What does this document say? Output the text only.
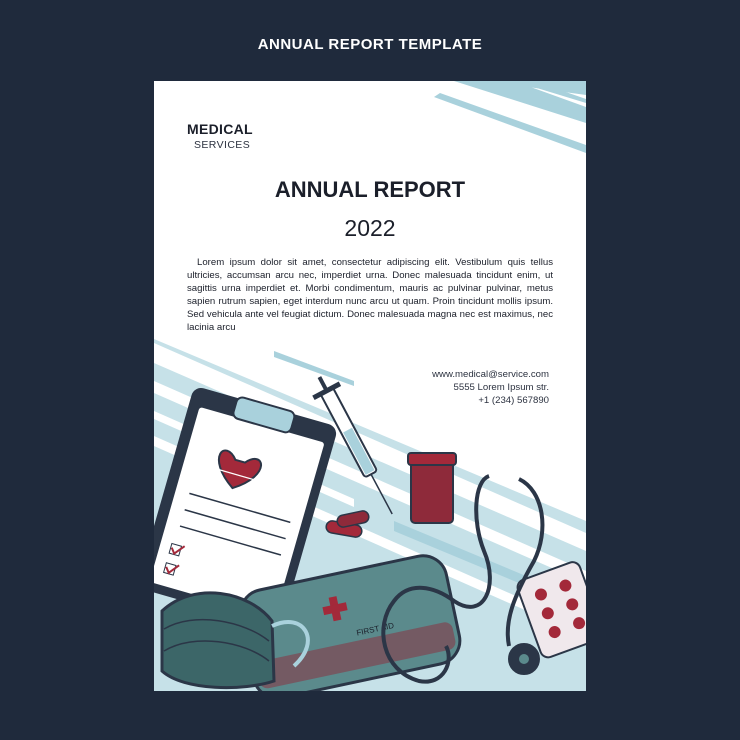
ANNUAL REPORT TEMPLATE
FIRST AID
MEDICAL
SERVICES
ANNUAL REPORT
2022
Lorem ipsum dolor sit amet, consectetur adipiscing elit. Vestibulum quis tellus ultricies, accumsan arcu nec, imperdiet urna. Donec malesuada tincidunt enim, ut sagittis urna imperdiet et. Morbi condimentum, mauris ac pulvinar pulvinar, metus sapien rutrum sapien, eget interdum nunc arcu ut quam. Proin tincidunt mollis ipsum. Sed vehicula ante vel feugiat dictum. Donec malesuada magna nec est maximus, nec lacinia arcu
www.medical@service.com
5555 Lorem Ipsum str.
+1 (234) 567890
